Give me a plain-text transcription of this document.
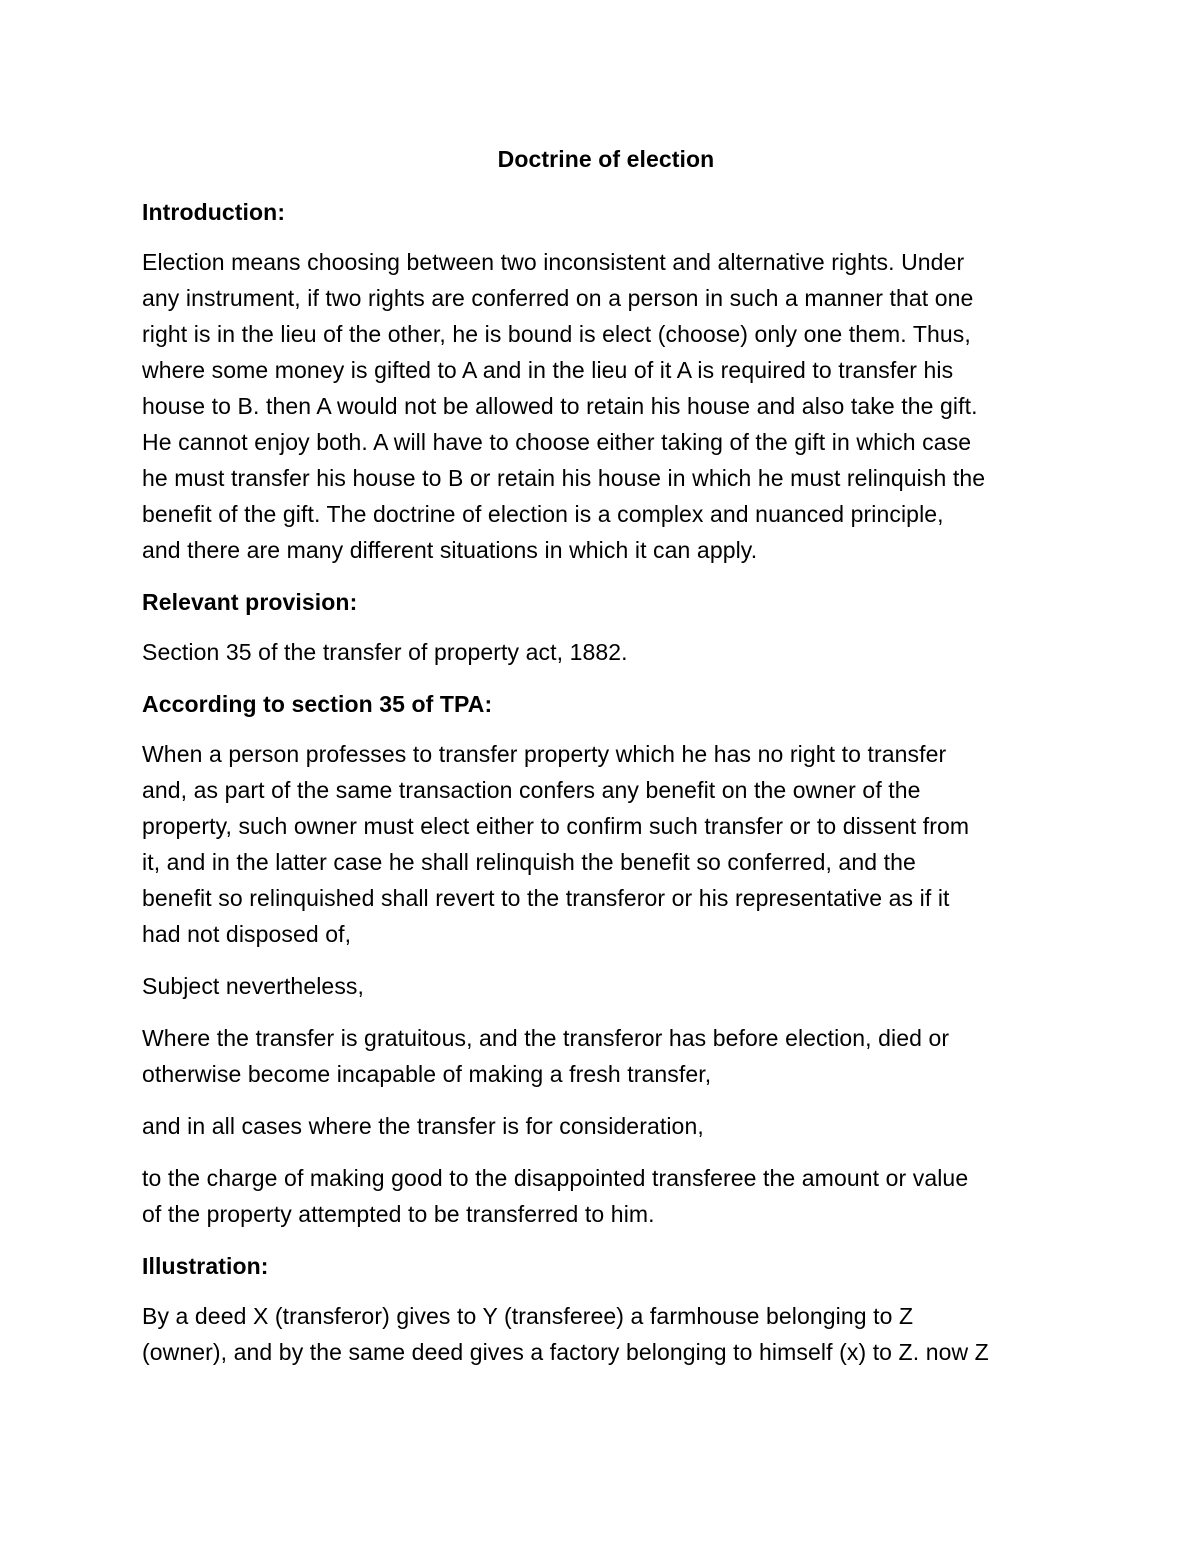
Doctrine of election
Introduction:
Election means choosing between two inconsistent and alternative rights. Under
any instrument, if two rights are conferred on a person in such a manner that one
right is in the lieu of the other, he is bound is elect (choose) only one them. Thus,
where some money is gifted to A and in the lieu of it A is required to transfer his
house to B. then A would not be allowed to retain his house and also take the gift.
He cannot enjoy both. A will have to choose either taking of the gift in which case
he must transfer his house to B or retain his house in which he must relinquish the
benefit of the gift. The doctrine of election is a complex and nuanced principle,
and there are many different situations in which it can apply.
Relevant provision:
Section 35 of the transfer of property act, 1882.
According to section 35 of TPA:
When a person professes to transfer property which he has no right to transfer
and, as part of the same transaction confers any benefit on the owner of the
property, such owner must elect either to confirm such transfer or to dissent from
it, and in the latter case he shall relinquish the benefit so conferred, and the
benefit so relinquished shall revert to the transferor or his representative as if it
had not disposed of,
Subject nevertheless,
Where the transfer is gratuitous, and the transferor has before election, died or
otherwise become incapable of making a fresh transfer,
and in all cases where the transfer is for consideration,
to the charge of making good to the disappointed transferee the amount or value
of the property attempted to be transferred to him.
Illustration:
By a deed X (transferor) gives to Y (transferee) a farmhouse belonging to Z
(owner), and by the same deed gives a factory belonging to himself (x) to Z. now Z
